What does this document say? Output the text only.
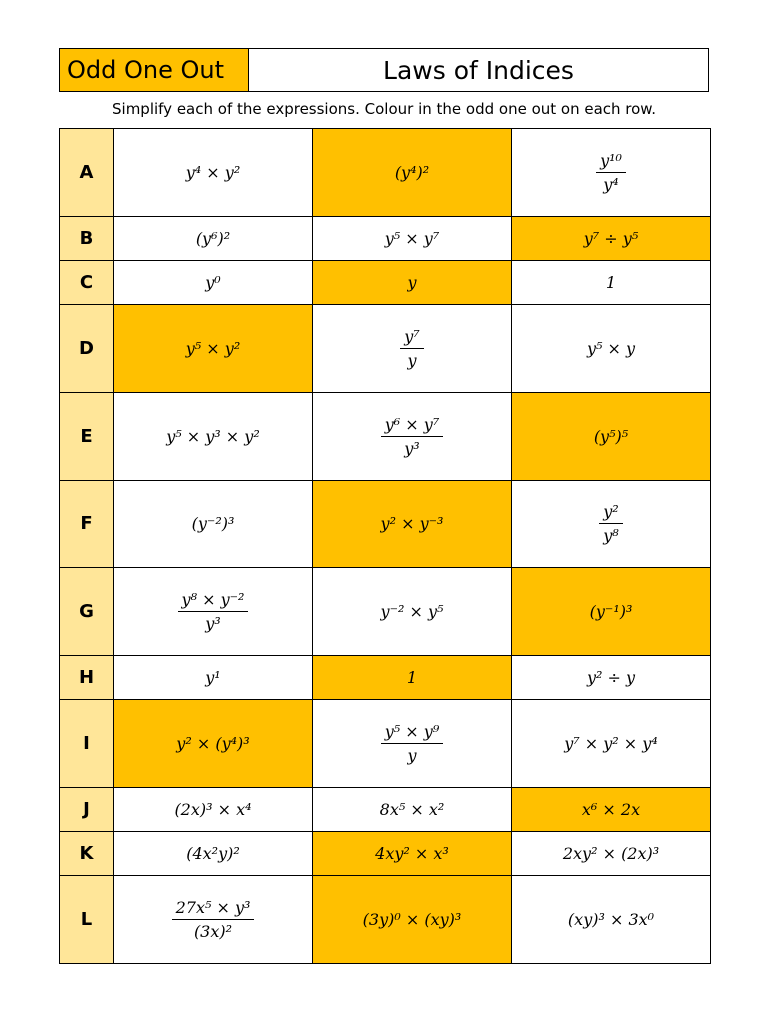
Odd One Out	Laws of Indices
Simplify each of the expressions. Colour in the odd one out on each row.
A	y⁴ × y²	(y⁴)²	$\frac{\text{y¹⁰}}{\text{y⁴}}$

B	(y⁶)²	y⁵ × y⁷	y⁷ ÷ y⁵
C	y⁰	y	1
D	y⁵ × y²	$\frac{\text{y⁷}}{y}$	y⁵ × y
E	y⁵ × y³ × y²	$\frac{\text{y⁶ × y⁷}}{\text{y³}}$	(y⁵)⁵
F	(y⁻²)³	y² × y⁻³	$\frac{\text{y²}}{\text{y⁸}}$

G	$\frac{\text{y⁸ × y⁻²}}{\text{y³}}$	y⁻² × y⁵	(y⁻¹)³
H	y¹	1	y² ÷ y
I	y² × (y⁴)³	$\frac{\text{y⁵ × y⁹}}{y}$	y⁷ × y² × y⁴
J	(2x)³ × x⁴	8x⁵ × x²	x⁶ × 2x
K	(4x²y)²	4xy² × x³	2xy² × (2x)³
L	$\frac{\text{27x⁵ × y³}}{\text{(3x)²}}$	(3y)⁰ × (xy)³	(xy)³ × 3x⁰
